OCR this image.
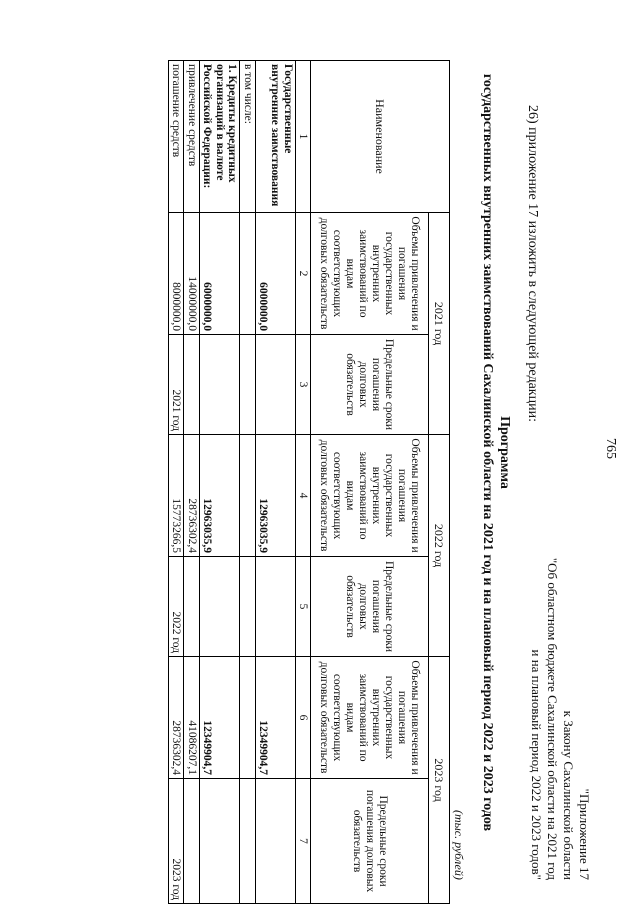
765
"Приложение 17
к Закону Сахалинской области
"Об областном бюджете Сахалинской области на 2021 год
и на плановый период 2022 и 2023 годов"
26) приложение 17 изложить в следующей редакции:
Программа
государственных внутренних заимствований Сахалинской области на 2021 год и на плановый период 2022 и 2023 годов
(тыс. рублей)
Наименование	2021 год		2022 год		2023 год	
	Объемы привлечения и погашения государственных внутренних заимствований по видам соответствующих долговых обязательств	Предельные сроки погашения долговых обязательств	Объемы привлечения и погашения государственных внутренних заимствований по видам соответствующих долговых обязательств	Предельные сроки погашения долговых обязательств	Объемы привлечения и погашения государственных внутренних заимствований по видам соответствующих долговых обязательств	Предельные сроки погашения долговых обязательств
1	2	3	4	5	6	7
Государственные внутренние заимствования	6000000,0		12963035,9		12349904,7	
в том числе:						
1. Кредиты кредитных организаций в валюте Российской Федерации:	6000000,0		12963035,9		12349904,7	
привлечение средств	14000000,0		28736302,4		41086207,1	
погашение средств	8000000,0	2021 год	15773266,5	2022 год	28736302,4	2023 год
